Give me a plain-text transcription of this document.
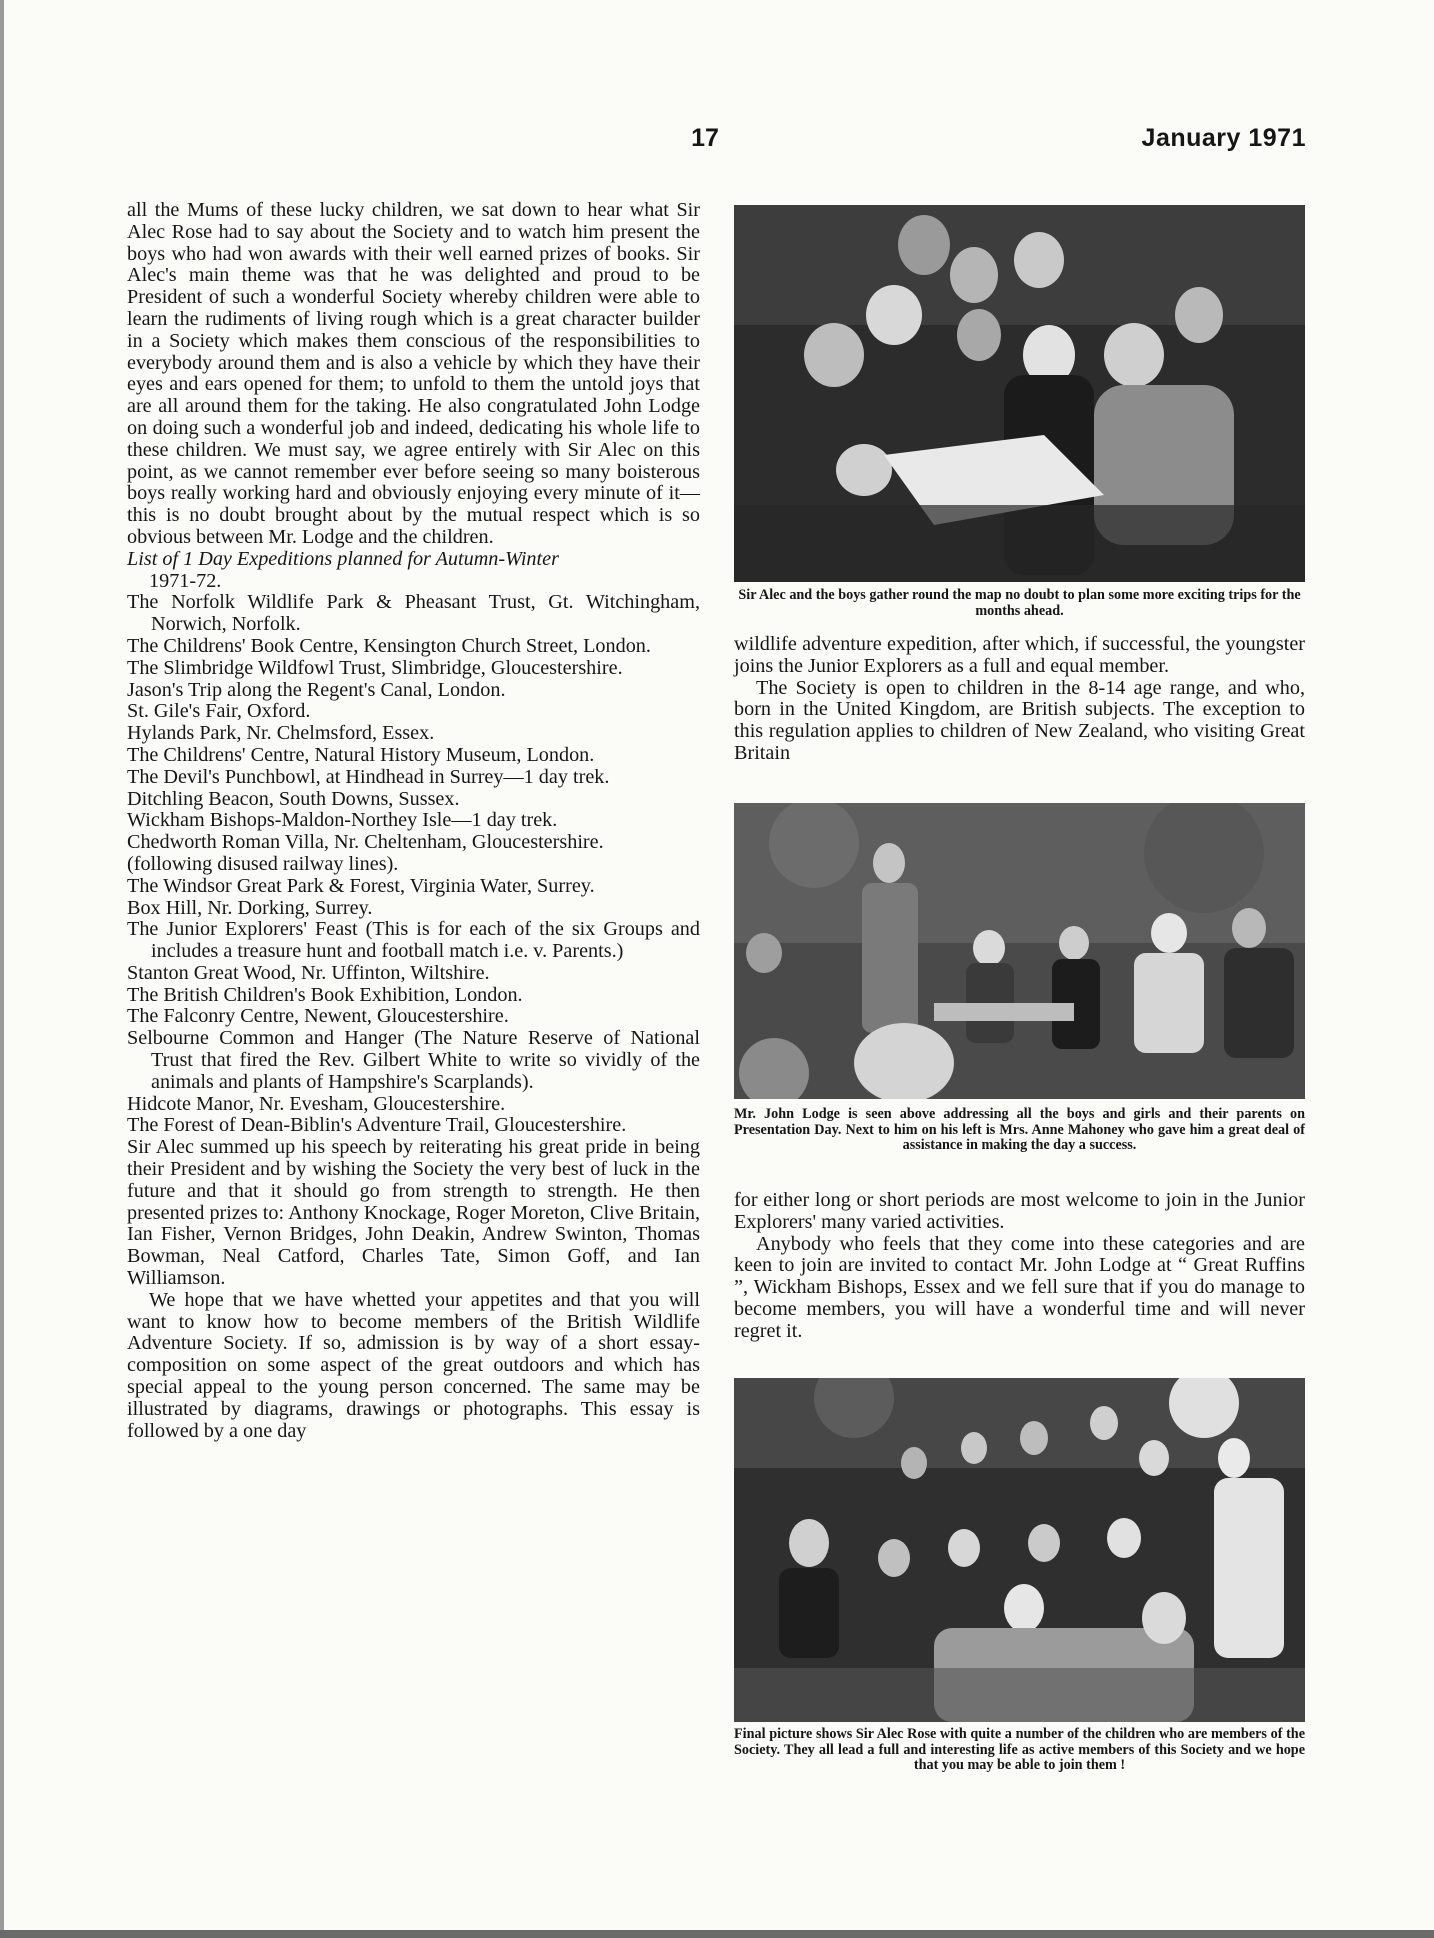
17	January 1971

all the Mums of these lucky children, we sat down to hear what Sir Alec Rose had to say about the Society and to watch him present the boys who had won awards with their well earned prizes of books. Sir Alec's main theme was that he was delighted and proud to be President of such a wonderful Society whereby children were able to learn the rudiments of living rough which is a great character builder in a Society which makes them conscious of the responsibilities to everybody around them and is also a vehicle by which they have their eyes and ears opened for them; to unfold to them the untold joys that are all around them for the taking. He also congratulated John Lodge on doing such a wonderful job and indeed, dedicating his whole life to these children. We must say, we agree entirely with Sir Alec on this point, as we cannot remember ever before seeing so many boisterous boys really working hard and obviously enjoying every minute of it—this is no doubt brought about by the mutual respect which is so obvious between Mr. Lodge and the children.

List of 1 Day Expeditions planned for Autumn-Winter
1971-72.

The Norfolk Wildlife Park & Pheasant Trust, Gt. Witchingham, Norwich, Norfolk.
The Childrens' Book Centre, Kensington Church Street, London.
The Slimbridge Wildfowl Trust, Slimbridge, Gloucestershire.
Jason's Trip along the Regent's Canal, London.
St. Gile's Fair, Oxford.
Hylands Park, Nr. Chelmsford, Essex.
The Childrens' Centre, Natural History Museum, London.
The Devil's Punchbowl, at Hindhead in Surrey—1 day trek.
Ditchling Beacon, South Downs, Sussex.
Wickham Bishops-Maldon-Northey Isle—1 day trek.
Chedworth Roman Villa, Nr. Cheltenham, Gloucestershire.
(following disused railway lines).
The Windsor Great Park & Forest, Virginia Water, Surrey.
Box Hill, Nr. Dorking, Surrey.
The Junior Explorers' Feast (This is for each of the six Groups and includes a treasure hunt and football match i.e. v. Parents.)
Stanton Great Wood, Nr. Uffinton, Wiltshire.
The British Children's Book Exhibition, London.
The Falconry Centre, Newent, Gloucestershire.
Selbourne Common and Hanger (The Nature Reserve of National Trust that fired the Rev. Gilbert White to write so vividly of the animals and plants of Hampshire's Scarplands).
Hidcote Manor, Nr. Evesham, Gloucestershire.
The Forest of Dean-Biblin's Adventure Trail, Gloucestershire.

Sir Alec summed up his speech by reiterating his great pride in being their President and by wishing the Society the very best of luck in the future and that it should go from strength to strength. He then presented prizes to: Anthony Knockage, Roger Moreton, Clive Britain, Ian Fisher, Vernon Bridges, John Deakin, Andrew Swinton, Thomas Bowman, Neal Catford, Charles Tate, Simon Goff, and Ian Williamson.

We hope that we have whetted your appetites and that you will want to know how to become members of the British Wildlife Adventure Society. If so, admission is by way of a short essay-composition on some aspect of the great outdoors and which has special appeal to the young person concerned. The same may be illustrated by diagrams, drawings or photographs. This essay is followed by a one day

Sir Alec and the boys gather round the map no doubt to plan some more exciting trips for the months ahead.

wildlife adventure expedition, after which, if successful, the youngster joins the Junior Explorers as a full and equal member.

The Society is open to children in the 8-14 age range, and who, born in the United Kingdom, are British subjects. The exception to this regulation applies to children of New Zealand, who visiting Great Britain

Mr. John Lodge is seen above addressing all the boys and girls and their parents on Presentation Day. Next to him on his left is Mrs. Anne Mahoney who gave him a great deal of assistance in making the day a success.

for either long or short periods are most welcome to join in the Junior Explorers' many varied activities.

Anybody who feels that they come into these categories and are keen to join are invited to contact Mr. John Lodge at “ Great Ruffins ”, Wickham Bishops, Essex and we fell sure that if you do manage to become members, you will have a wonderful time and will never regret it.

Final picture shows Sir Alec Rose with quite a number of the children who are members of the Society. They all lead a full and interesting life as active members of this Society and we hope that you may be able to join them !
